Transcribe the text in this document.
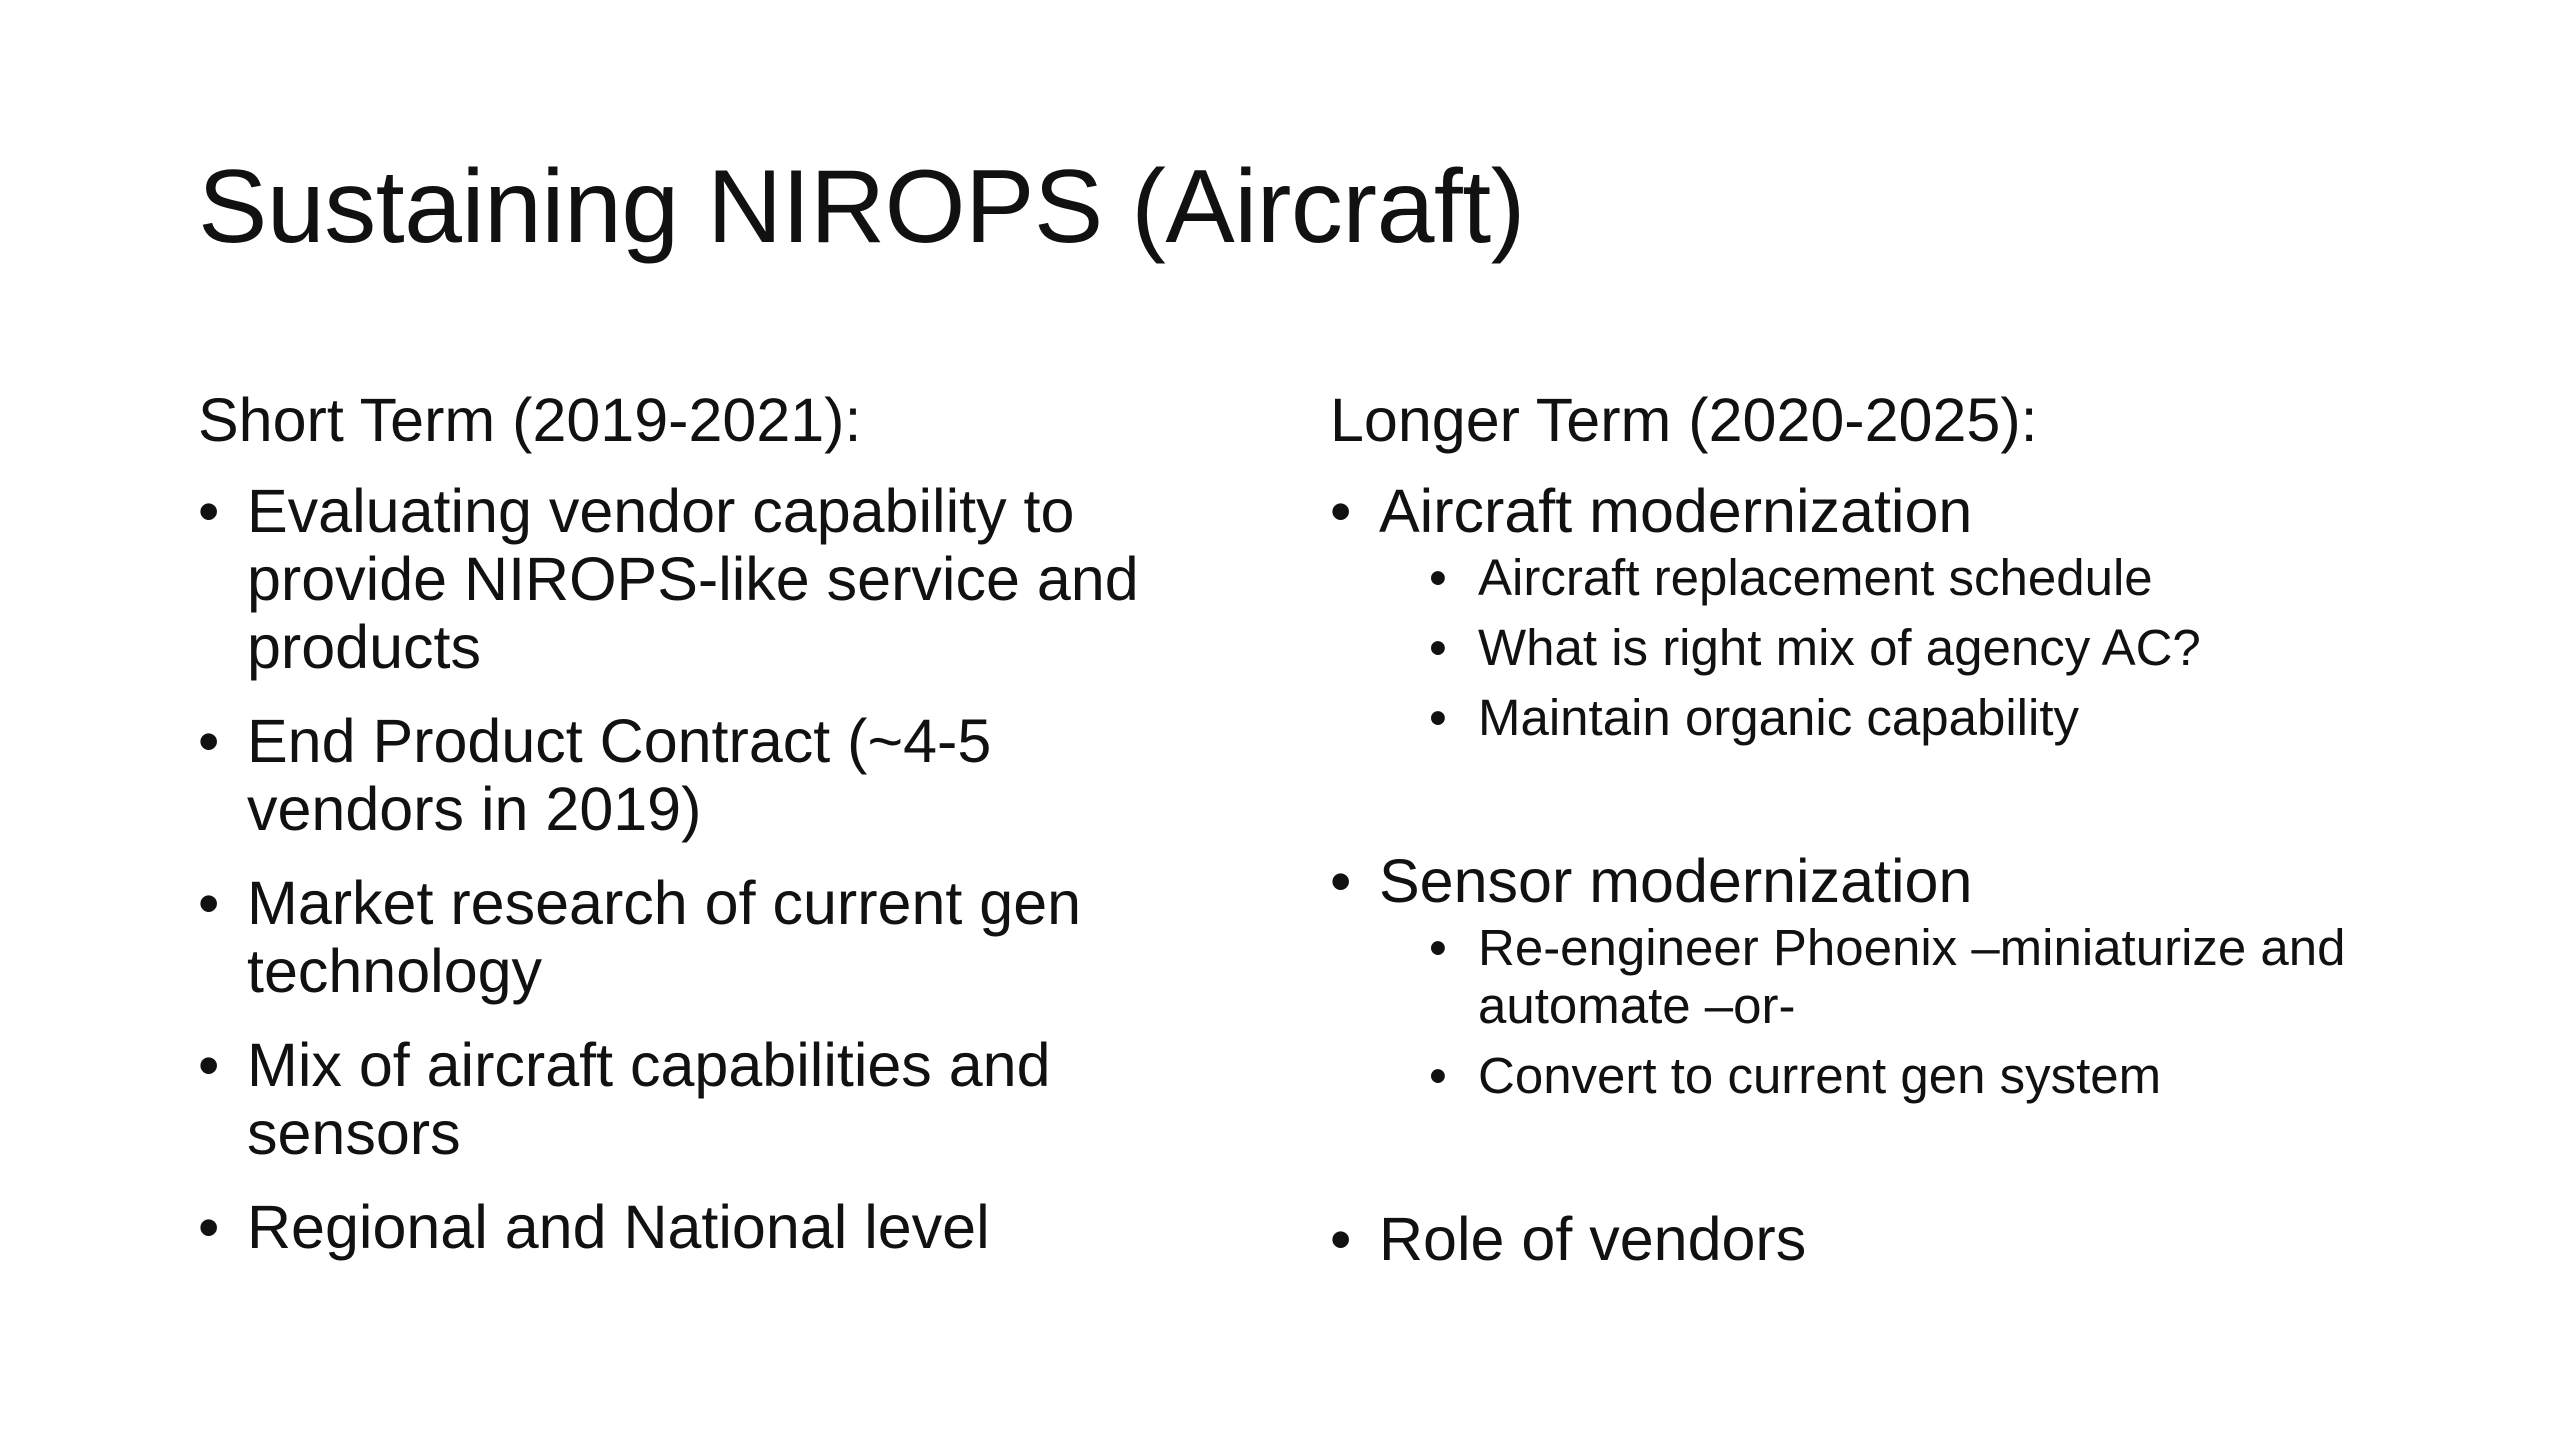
Sustaining NIROPS (Aircraft)

Short Term (2019-2021):

• Evaluating vendor capability to provide NIROPS-like service and products
• End Product Contract (~4-5 vendors in 2019)
• Market research of current gen technology
• Mix of aircraft capabilities and sensors
• Regional and National level

Longer Term (2020-2025):

• Aircraft modernization
• Aircraft replacement schedule
• What is right mix of agency AC?
• Maintain organic capability
• Sensor modernization
• Re-engineer Phoenix –miniaturize and automate –or-
• Convert to current gen system
• Role of vendors
